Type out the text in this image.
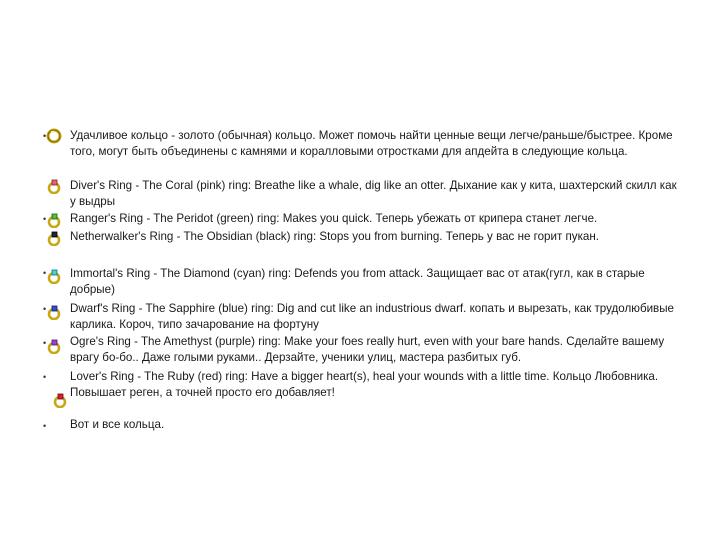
• Удачливое кольцо - золото (обычная) кольцо. Может помочь найти ценные вещи легче/раньше/быстрее. Кроме того, могут быть объединены с камнями и коралловыми отростками для апдейта в следующие кольца.
Diver's Ring - The Coral (pink) ring: Breathe like a whale, dig like an otter. Дыхание как у кита, шахтерский скилл как у выдры
• Ranger's Ring - The Peridot (green) ring: Makes you quick. Теперь убежать от крипера станет легче.
Netherwalker's Ring - The Obsidian (black) ring: Stops you from burning. Теперь у вас не горит пукан.
• Immortal's Ring - The Diamond (cyan) ring: Defends you from attack. Защищает вас от атак(гугл, как в старые добрые)
• Dwarf's Ring - The Sapphire (blue) ring: Dig and cut like an industrious dwarf. копать и вырезать, как трудолюбивые карлика. Короч, типо зачарование на фортуну
• Ogre's Ring - The Amethyst (purple) ring: Make your foes really hurt, even with your bare hands. Сделайте вашему врагу бо-бо.. Даже голыми руками.. Дерзайте, ученики улиц, мастера разбитых губ.
• Lover's Ring - The Ruby (red) ring: Have a bigger heart(s), heal your wounds with a little time. Кольцо Любовника. Повышает реген, а точней просто его добавляет!
• Вот и все кольца.
